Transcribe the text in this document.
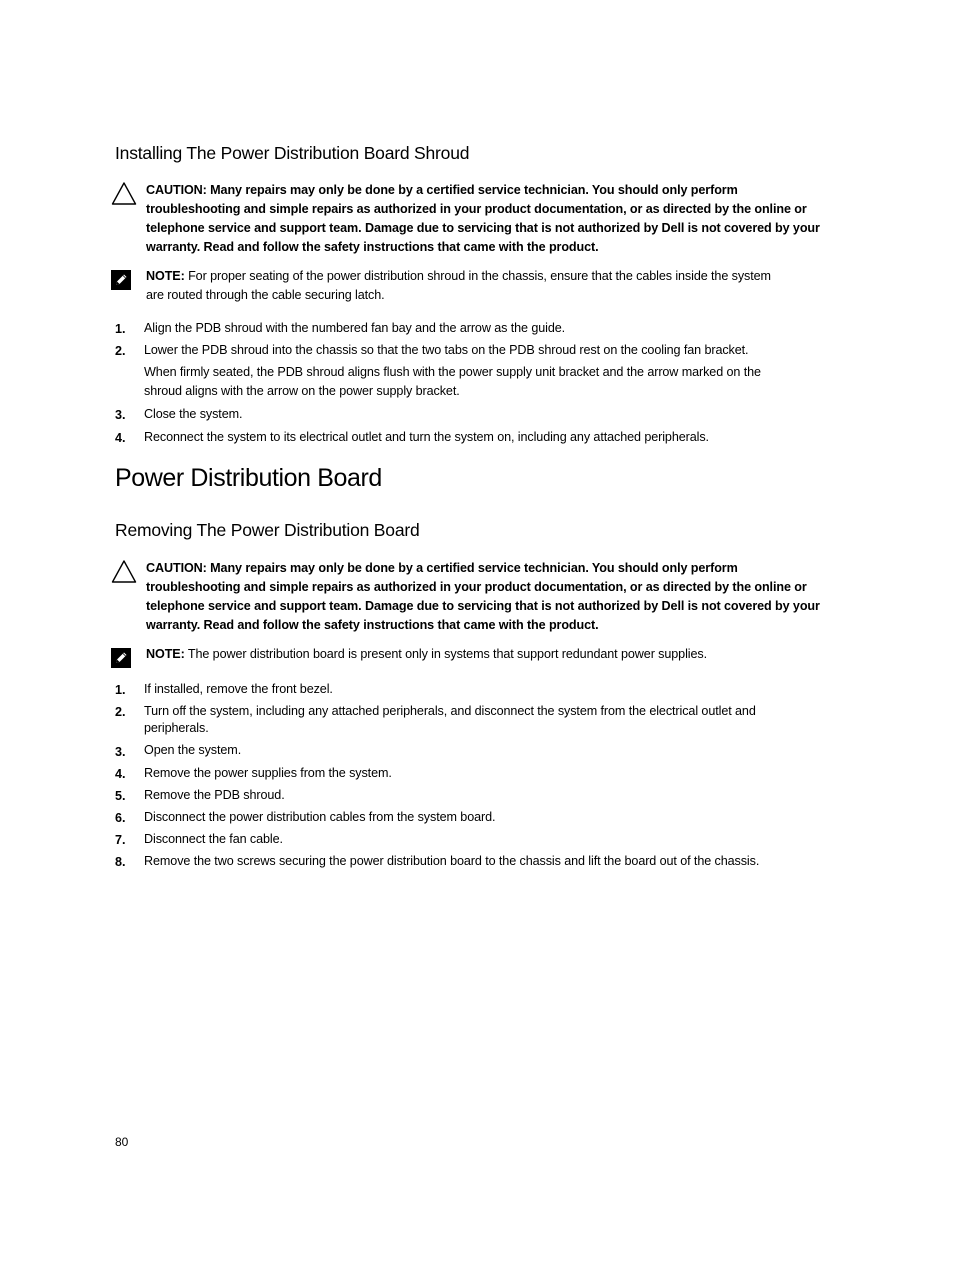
Installing The Power Distribution Board Shroud
CAUTION: Many repairs may only be done by a certified service technician. You should only perform
troubleshooting and simple repairs as authorized in your product documentation, or as directed by the online or
telephone service and support team. Damage due to servicing that is not authorized by Dell is not covered by your
warranty. Read and follow the safety instructions that came with the product.
NOTE: For proper seating of the power distribution shroud in the chassis, ensure that the cables inside the system
are routed through the cable securing latch.
1. Align the PDB shroud with the numbered fan bay and the arrow as the guide.
2. Lower the PDB shroud into the chassis so that the two tabs on the PDB shroud rest on the cooling fan bracket.
When firmly seated, the PDB shroud aligns flush with the power supply unit bracket and the arrow marked on the
shroud aligns with the arrow on the power supply bracket.
3. Close the system.
4. Reconnect the system to its electrical outlet and turn the system on, including any attached peripherals.
Power Distribution Board
Removing The Power Distribution Board
CAUTION: Many repairs may only be done by a certified service technician. You should only perform
troubleshooting and simple repairs as authorized in your product documentation, or as directed by the online or
telephone service and support team. Damage due to servicing that is not authorized by Dell is not covered by your
warranty. Read and follow the safety instructions that came with the product.
NOTE: The power distribution board is present only in systems that support redundant power supplies.
1. If installed, remove the front bezel.
2. Turn off the system, including any attached peripherals, and disconnect the system from the electrical outlet and
peripherals.
3. Open the system.
4. Remove the power supplies from the system.
5. Remove the PDB shroud.
6. Disconnect the power distribution cables from the system board.
7. Disconnect the fan cable.
8. Remove the two screws securing the power distribution board to the chassis and lift the board out of the chassis.
80
